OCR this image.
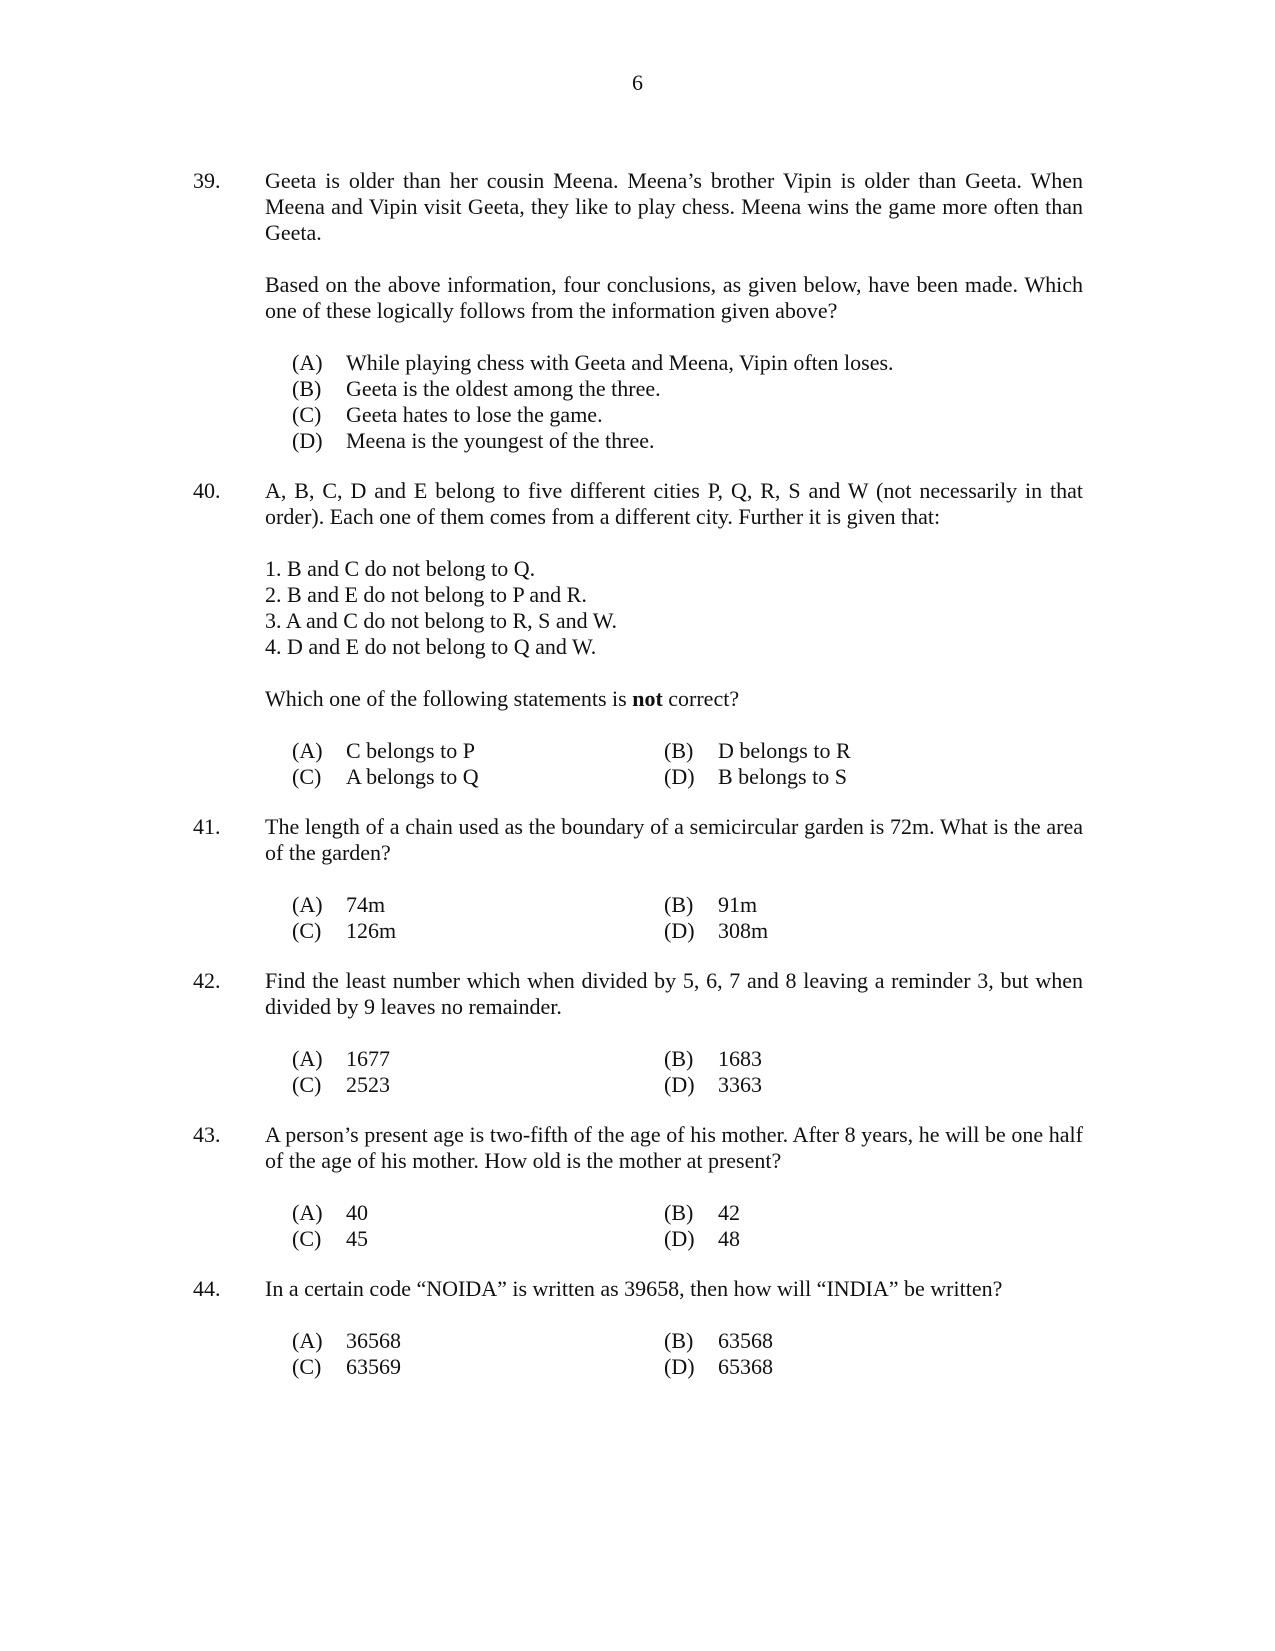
6
39. Geeta is older than her cousin Meena. Meena’s brother Vipin is older than Geeta. When Meena and Vipin visit Geeta, they like to play chess. Meena wins the game more often than Geeta.

Based on the above information, four conclusions, as given below, have been made. Which one of these logically follows from the information given above?

(A)	While playing chess with Geeta and Meena, Vipin often loses.
(B)	Geeta is the oldest among the three.
(C)	Geeta hates to lose the game.
(D)	Meena is the youngest of the three.
40. A, B, C, D and E belong to five different cities P, Q, R, S and W (not necessarily in that order). Each one of them comes from a different city. Further it is given that:

1. B and C do not belong to Q.
2. B and E do not belong to P and R.
3. A and C do not belong to R, S and W.
4. D and E do not belong to Q and W.

Which one of the following statements is not correct?

(A)	C belongs to P	(B)	D belongs to R
(C)	A belongs to Q	(D)	B belongs to S
41. The length of a chain used as the boundary of a semicircular garden is 72m. What is the area of the garden?

(A)	74m	(B)	91m
(C)	126m	(D)	308m
42. Find the least number which when divided by 5, 6, 7 and 8 leaving a reminder 3, but when divided by 9 leaves no remainder.

(A)	1677	(B)	1683
(C)	2523	(D)	3363
43. A person’s present age is two-fifth of the age of his mother. After 8 years, he will be one half of the age of his mother. How old is the mother at present?

(A)	40	(B)	42
(C)	45	(D)	48
44. In a certain code “NOIDA” is written as 39658, then how will “INDIA” be written?

(A)	36568	(B)	63568
(C)	63569	(D)	65368
